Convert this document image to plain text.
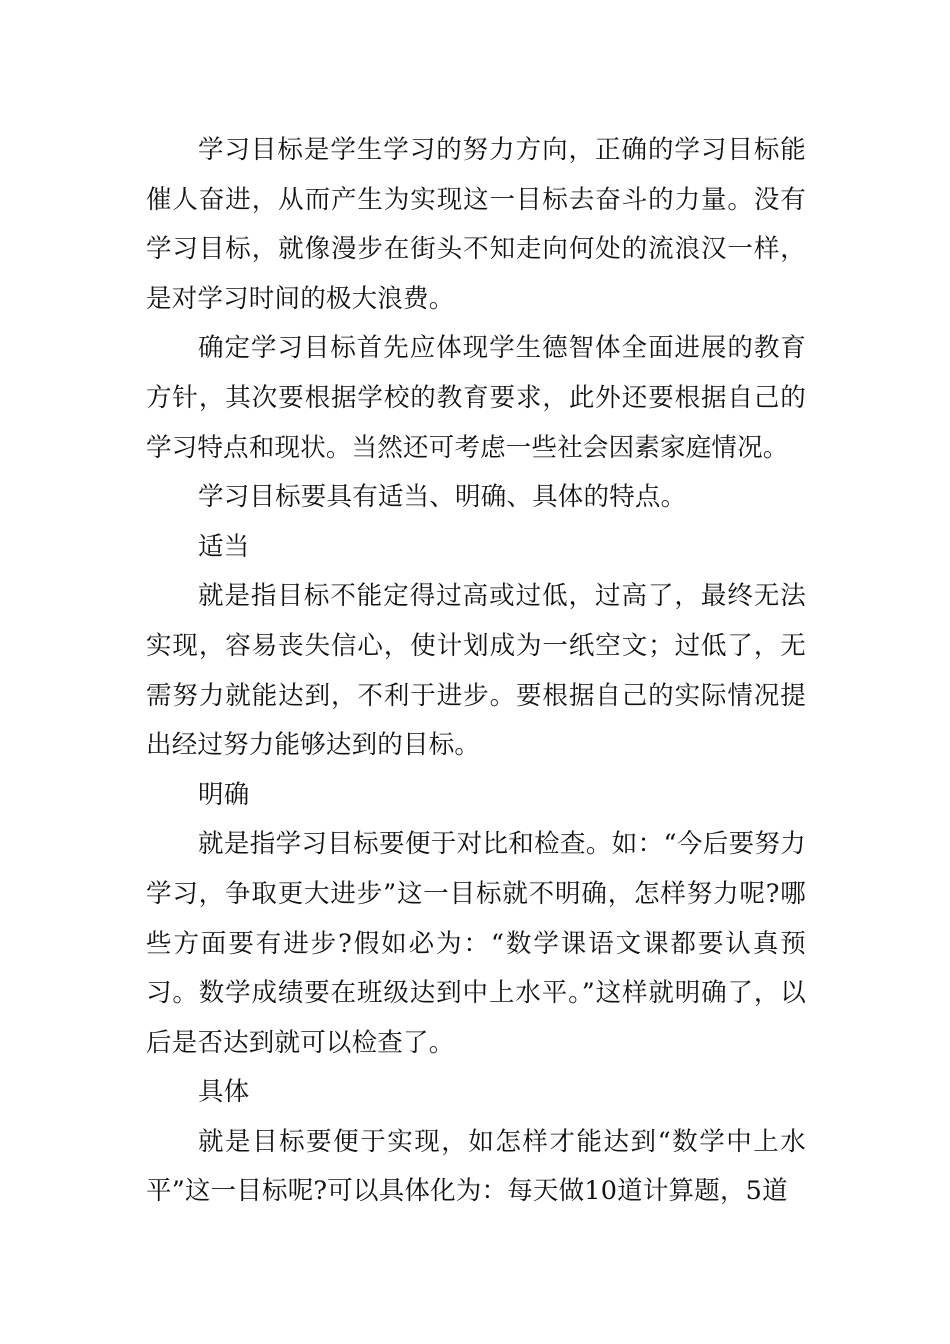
学习目标是学生学习的努力方向，正确的学习目标能催人奋进，从而产生为实现这一目标去奋斗的力量。没有学习目标，就像漫步在街头不知走向何处的流浪汉一样，是对学习时间的极大浪费。

确定学习目标首先应体现学生德智体全面进展的教育方针，其次要根据学校的教育要求，此外还要根据自己的学习特点和现状。当然还可考虑一些社会因素家庭情况。

学习目标要具有适当、明确、具体的特点。

适当

就是指目标不能定得过高或过低，过高了，最终无法实现，容易丧失信心，使计划成为一纸空文；过低了，无需努力就能达到，不利于进步。要根据自己的实际情况提出经过努力能够达到的目标。

明确

就是指学习目标要便于对比和检查。如：“今后要努力学习，争取更大进步”这一目标就不明确，怎样努力呢?哪些方面要有进步?假如必为：“数学课语文课都要认真预习。数学成绩要在班级达到中上水平。”这样就明确了，以后是否达到就可以检查了。

具体

就是目标要便于实现，如怎样才能达到“数学中上水平”这一目标呢?可以具体化为：每天做10道计算题，5道
